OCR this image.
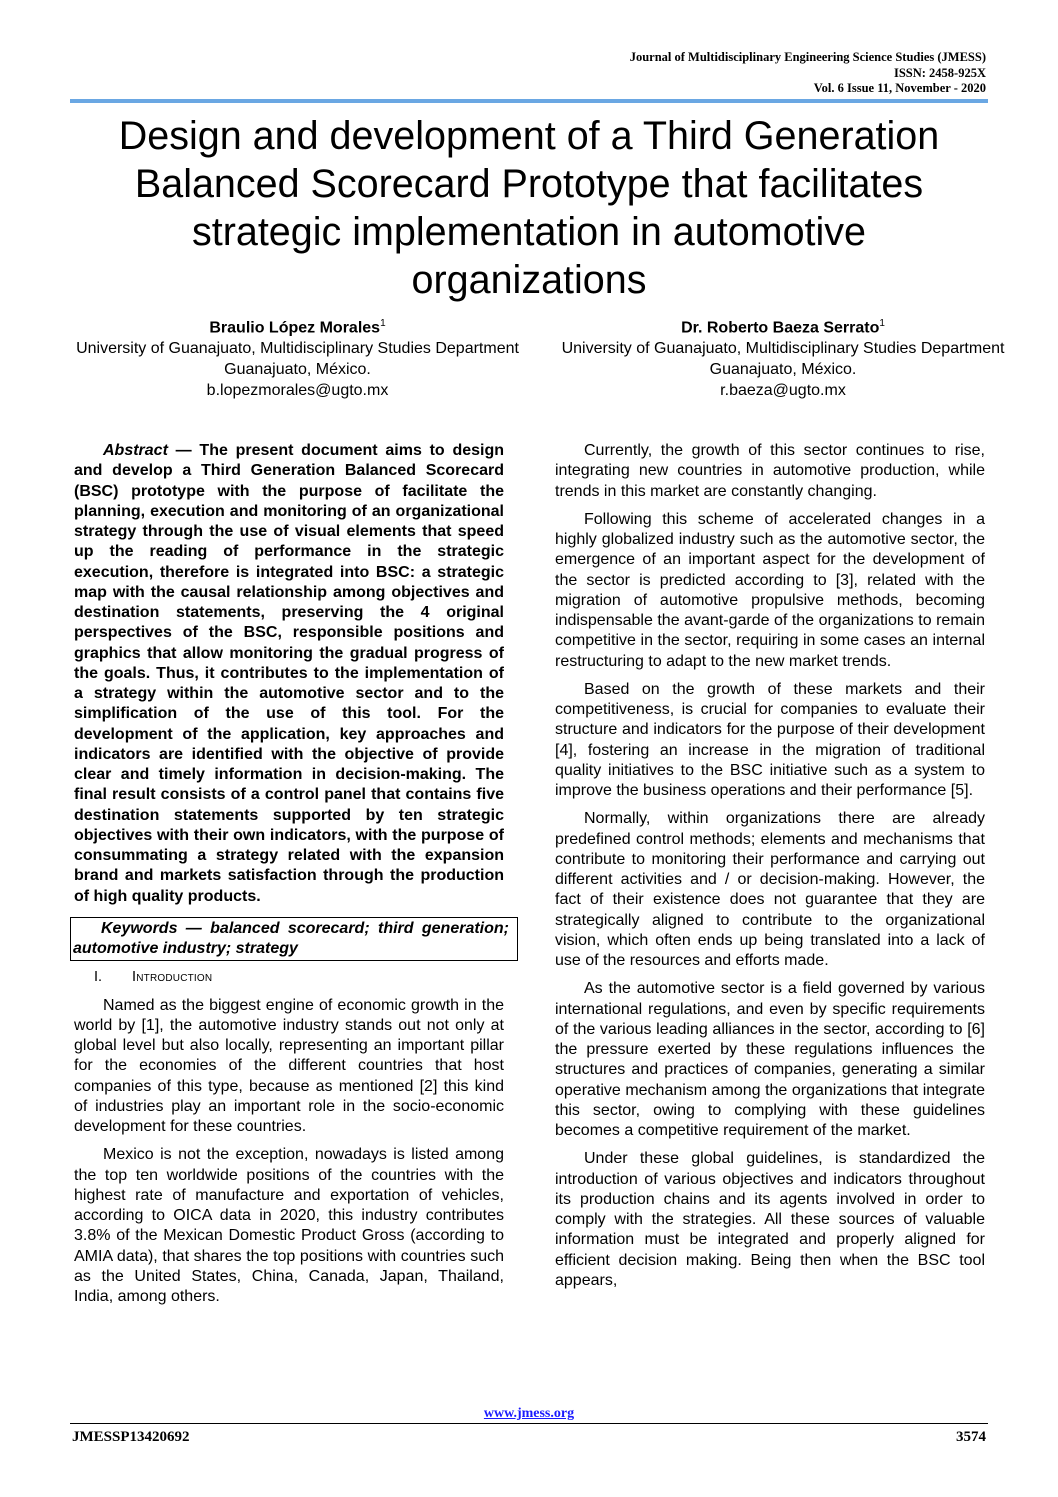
Journal of Multidisciplinary Engineering Science Studies (JMESS)
ISSN: 2458-925X
Vol. 6 Issue 11, November - 2020
Design and development of a Third Generation Balanced Scorecard Prototype that facilitates strategic implementation in automotive organizations
Braulio López Morales$^1$
University of Guanajuato, Multidisciplinary Studies Department
Guanajuato, México.
b.lopezmorales@ugto.mx
Dr. Roberto Baeza Serrato$^1$
University of Guanajuato, Multidisciplinary Studies Department
Guanajuato, México.
r.baeza@ugto.mx

Abstract — The present document aims to design and develop a Third Generation Balanced Scorecard (BSC) prototype with the purpose of facilitate the planning, execution and monitoring of an organizational strategy through the use of visual elements that speed up the reading of performance in the strategic execution, therefore is integrated into BSC: a strategic map with the causal relationship among objectives and destination statements, preserving the 4 original perspectives of the BSC, responsible positions and graphics that allow monitoring the gradual progress of the goals. Thus, it contributes to the implementation of a strategy within the automotive sector and to the simplification of the use of this tool. For the development of the application, key approaches and indicators are identified with the objective of provide clear and timely information in decision-making. The final result consists of a control panel that contains five destination statements supported by ten strategic objectives with their own indicators, with the purpose of consummating a strategy related with the expansion brand and markets satisfaction through the production of high quality products.

Keywords — balanced scorecard; third generation; automotive industry; strategy
I. Introduction

Named as the biggest engine of economic growth in the world by [1], the automotive industry stands out not only at global level but also locally, representing an important pillar for the economies of the different countries that host companies of this type, because as mentioned [2] this kind of industries play an important role in the socio-economic development for these countries.

Mexico is not the exception, nowadays is listed among the top ten worldwide positions of the countries with the highest rate of manufacture and exportation of vehicles, according to OICA data in 2020, this industry contributes 3.8% of the Mexican Domestic Product Gross (according to AMIA data), that shares the top positions with countries such as the United States, China, Canada, Japan, Thailand, India, among others.

Currently, the growth of this sector continues to rise, integrating new countries in automotive production, while trends in this market are constantly changing.

Following this scheme of accelerated changes in a highly globalized industry such as the automotive sector, the emergence of an important aspect for the development of the sector is predicted according to [3], related with the migration of automotive propulsive methods, becoming indispensable the avant-garde of the organizations to remain competitive in the sector, requiring in some cases an internal restructuring to adapt to the new market trends.

Based on the growth of these markets and their competitiveness, is crucial for companies to evaluate their structure and indicators for the purpose of their development [4], fostering an increase in the migration of traditional quality initiatives to the BSC initiative such as a system to improve the business operations and their performance [5].

Normally, within organizations there are already predefined control methods; elements and mechanisms that contribute to monitoring their performance and carrying out different activities and / or decision-making. However, the fact of their existence does not guarantee that they are strategically aligned to contribute to the organizational vision, which often ends up being translated into a lack of use of the resources and efforts made.

As the automotive sector is a field governed by various international regulations, and even by specific requirements of the various leading alliances in the sector, according to [6] the pressure exerted by these regulations influences the structures and practices of companies, generating a similar operative mechanism among the organizations that integrate this sector, owing to complying with these guidelines becomes a competitive requirement of the market.

Under these global guidelines, is standardized the introduction of various objectives and indicators throughout its production chains and its agents involved in order to comply with the strategies. All these sources of valuable information must be integrated and properly aligned for efficient decision making. Being then when the BSC tool appears,

www.jmess.org
JMESSP13420692	3574
